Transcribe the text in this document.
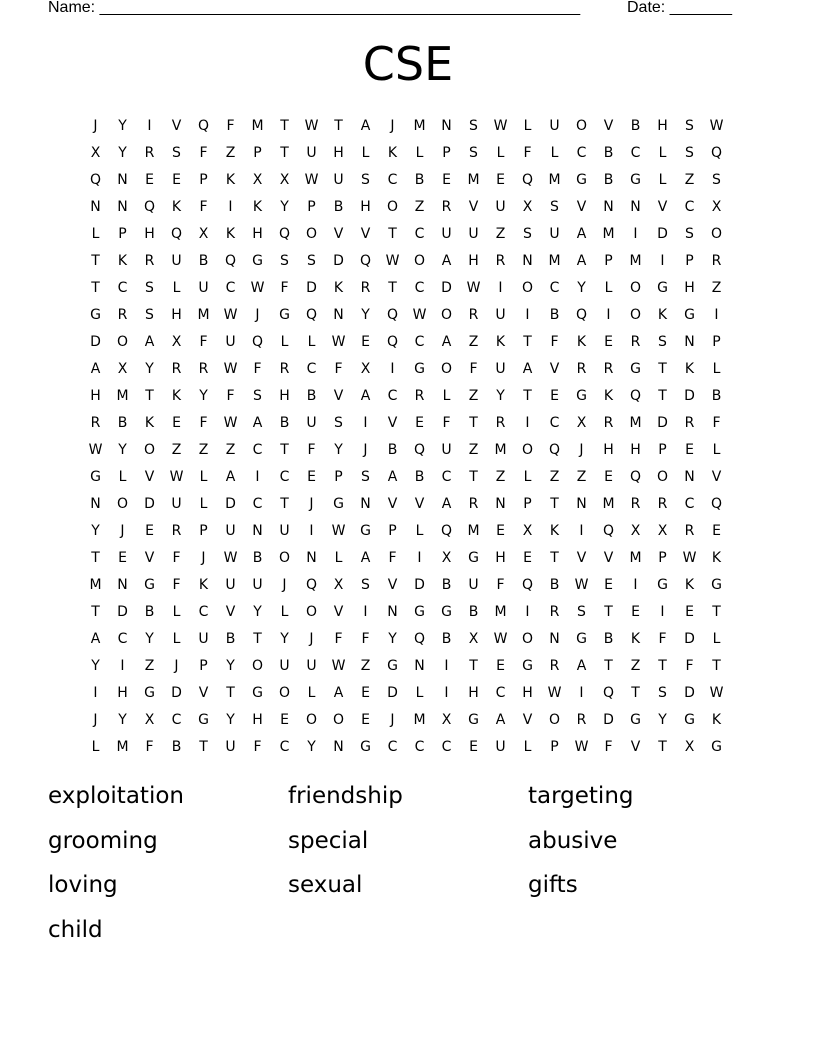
Name: ______________________________________________________	Date: _______
CSE
J	Y	I	V	Q	F	M	T	W	T	A	J	M	N	S	W	L	U	O	V	B	H	S	W
X	Y	R	S	F	Z	P	T	U	H	L	K	L	P	S	L	F	L	C	B	C	L	S	Q
Q	N	E	E	P	K	X	X	W	U	S	C	B	E	M	E	Q	M	G	B	G	L	Z	S
N	N	Q	K	F	I	K	Y	P	B	H	O	Z	R	V	U	X	S	V	N	N	V	C	X
L	P	H	Q	X	K	H	Q	O	V	V	T	C	U	U	Z	S	U	A	M	I	D	S	O
T	K	R	U	B	Q	G	S	S	D	Q	W	O	A	H	R	N	M	A	P	M	I	P	R
T	C	S	L	U	C	W	F	D	K	R	T	C	D	W	I	O	C	Y	L	O	G	H	Z
G	R	S	H	M	W	J	G	Q	N	Y	Q	W	O	R	U	I	B	Q	I	O	K	G	I
D	O	A	X	F	U	Q	L	L	W	E	Q	C	A	Z	K	T	F	K	E	R	S	N	P
A	X	Y	R	R	W	F	R	C	F	X	I	G	O	F	U	A	V	R	R	G	T	K	L
H	M	T	K	Y	F	S	H	B	V	A	C	R	L	Z	Y	T	E	G	K	Q	T	D	B
R	B	K	E	F	W	A	B	U	S	I	V	E	F	T	R	I	C	X	R	M	D	R	F
W	Y	O	Z	Z	Z	C	T	F	Y	J	B	Q	U	Z	M	O	Q	J	H	H	P	E	L
G	L	V	W	L	A	I	C	E	P	S	A	B	C	T	Z	L	Z	Z	E	Q	O	N	V
N	O	D	U	L	D	C	T	J	G	N	V	V	A	R	N	P	T	N	M	R	R	C	Q
Y	J	E	R	P	U	N	U	I	W	G	P	L	Q	M	E	X	K	I	Q	X	X	R	E
T	E	V	F	J	W	B	O	N	L	A	F	I	X	G	H	E	T	V	V	M	P	W	K
M	N	G	F	K	U	U	J	Q	X	S	V	D	B	U	F	Q	B	W	E	I	G	K	G
T	D	B	L	C	V	Y	L	O	V	I	N	G	G	B	M	I	R	S	T	E	I	E	T
A	C	Y	L	U	B	T	Y	J	F	F	Y	Q	B	X	W	O	N	G	B	K	F	D	L
Y	I	Z	J	P	Y	O	U	U	W	Z	G	N	I	T	E	G	R	A	T	Z	T	F	T
I	H	G	D	V	T	G	O	L	A	E	D	L	I	H	C	H	W	I	Q	T	S	D	W
J	Y	X	C	G	Y	H	E	O	O	E	J	M	X	G	A	V	O	R	D	G	Y	G	K
L	M	F	B	T	U	F	C	Y	N	G	C	C	C	E	U	L	P	W	F	V	T	X	G
exploitation	friendship	targeting
grooming	special	abusive
loving	sexual	gifts
child
